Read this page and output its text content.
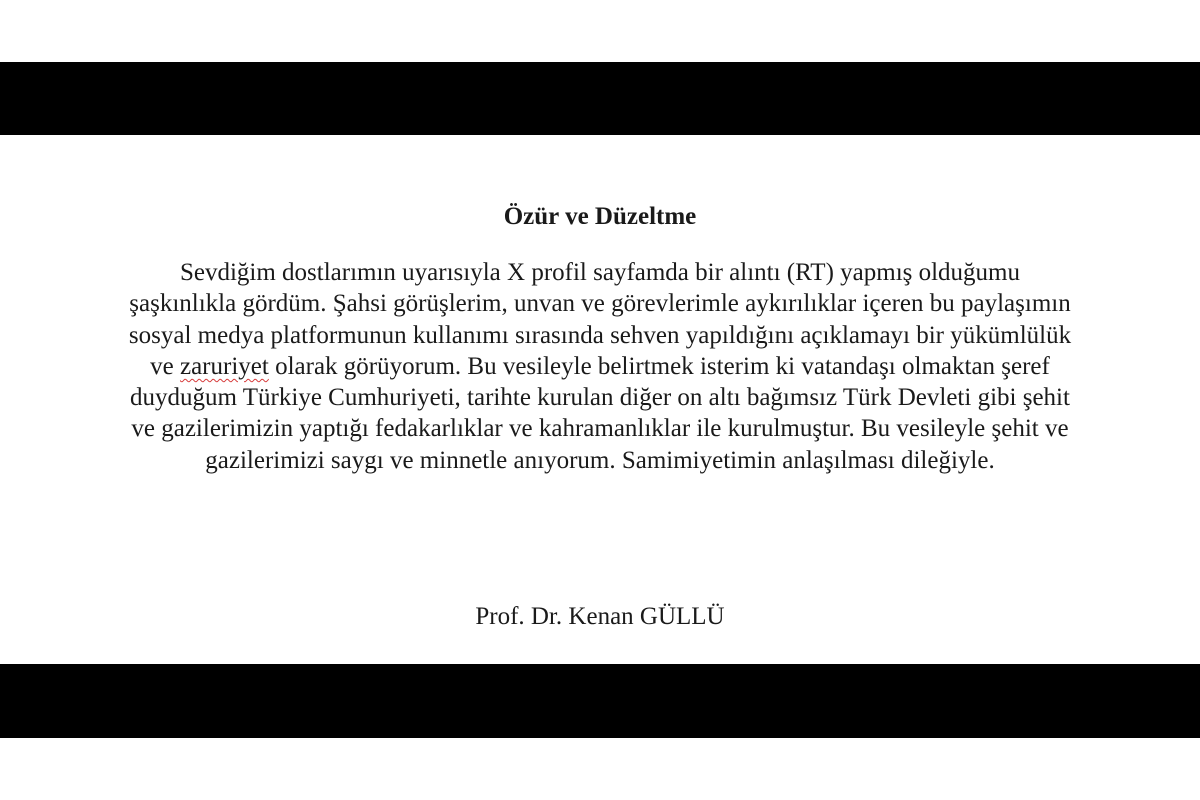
Özür ve Düzeltme
Sevdiğim dostlarımın uyarısıyla X profil sayfamda bir alıntı (RT) yapmış olduğumu
şaşkınlıkla gördüm. Şahsi görüşlerim, unvan ve görevlerimle aykırılıklar içeren bu paylaşımın
sosyal medya platformunun kullanımı sırasında sehven yapıldığını açıklamayı bir yükümlülük
ve zaruriyet olarak görüyorum. Bu vesileyle belirtmek isterim ki vatandaşı olmaktan şeref
duyduğum Türkiye Cumhuriyeti, tarihte kurulan diğer on altı bağımsız Türk Devleti gibi şehit
ve gazilerimizin yaptığı fedakarlıklar ve kahramanlıklar ile kurulmuştur. Bu vesileyle şehit ve
gazilerimizi saygı ve minnetle anıyorum. Samimiyetimin anlaşılması dileğiyle.
Prof. Dr. Kenan GÜLLÜ
